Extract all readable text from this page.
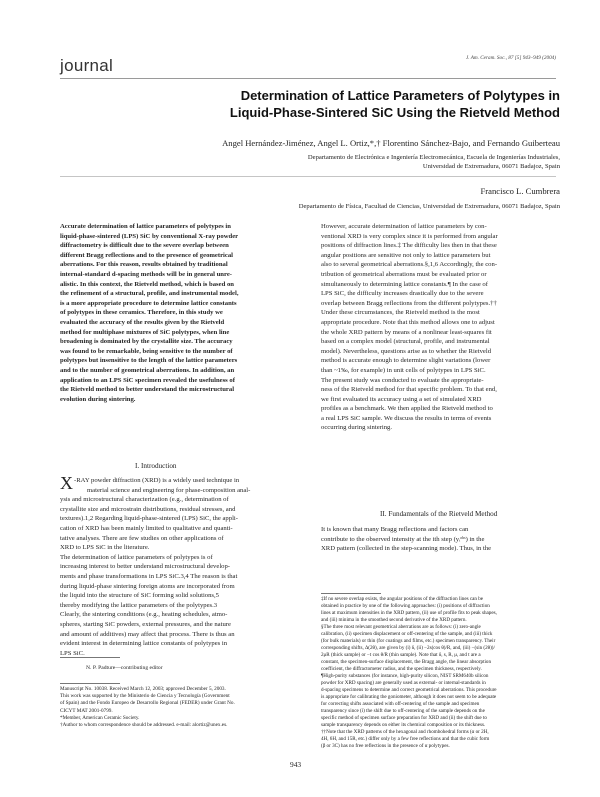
journal	J. Am. Ceram. Soc., 87 [5] 943–949 (2004)
Determination of Lattice Parameters of Polytypes in
Liquid-Phase-Sintered SiC Using the Rietveld Method
Angel Hernández-Jiménez, Angel L. Ortiz,*,† Florentino Sánchez-Bajo, and Fernando Guiberteau
Departamento de Electrónica e Ingeniería Electromecánica, Escuela de Ingenierías Industriales,
Universidad de Extremadura, 06071 Badajoz, Spain
Francisco L. Cumbrera
Departamento de Física, Facultad de Ciencias, Universidad de Extremadura, 06071 Badajoz, Spain
Accurate determination of lattice parameters of polytypes in
liquid-phase-sintered (LPS) SiC by conventional X-ray powder
diffractometry is difficult due to the severe overlap between
different Bragg reflections and to the presence of geometrical
aberrations. For this reason, results obtained by traditional
internal-standard d-spacing methods will be in general unre-
alistic. In this context, the Rietveld method, which is based on
the refinement of a structural, profile, and instrumental model,
is a more appropriate procedure to determine lattice constants
of polytypes in these ceramics. Therefore, in this study we
evaluated the accuracy of the results given by the Rietveld
method for multiphase mixtures of SiC polytypes, when line
broadening is dominated by the crystallite size. The accuracy
was found to be remarkable, being sensitive to the number of
polytypes but insensitive to the length of the lattice parameters
and to the number of geometrical aberrations. In addition, an
application to an LPS SiC specimen revealed the usefulness of
the Rietveld method to better understand the microstructural
evolution during sintering.
I. Introduction
X -RAY powder diffraction (XRD) is a widely used technique in
material science and engineering for phase-composition anal-
ysis and microstructural characterization (e.g., determination of
crystallite size and microstrain distributions, residual stresses, and
textures).1,2 Regarding liquid-phase-sintered (LPS) SiC, the appli-
cation of XRD has been mainly limited to qualitative and quanti-
tative analyses. There are few studies on other applications of
XRD to LPS SiC in the literature.
The determination of lattice parameters of polytypes is of
increasing interest to better understand microstructural develop-
ments and phase transformations in LPS SiC.3,4 The reason is that
during liquid-phase sintering foreign atoms are incorporated from
the liquid into the structure of SiC forming solid solutions,5
thereby modifying the lattice parameters of the polytypes.3
Clearly, the sintering conditions (e.g., heating schedules, atmo-
spheres, starting SiC powders, external pressures, and the nature
and amount of additives) may affect that process. There is thus an
evident interest in determining lattice constants of polytypes in
LPS SiC.
However, accurate determination of lattice parameters by con-
ventional XRD is very complex since it is performed from angular
positions of diffraction lines.‡ The difficulty lies then in that these
angular positions are sensitive not only to lattice parameters but
also to several geometrical aberrations.§,1,6 Accordingly, the con-
tribution of geometrical aberrations must be evaluated prior or
simultaneously to determining lattice constants.¶ In the case of
LPS SiC, the difficulty increases drastically due to the severe
overlap between Bragg reflections from the different polytypes.††
Under these circumstances, the Rietveld method is the most
appropriate procedure. Note that this method allows one to adjust
the whole XRD pattern by means of a nonlinear least-squares fit
based on a complex model (structural, profile, and instrumental
model). Nevertheless, questions arise as to whether the Rietveld
method is accurate enough to determine slight variations (lower
than ~1‰, for example) in unit cells of polytypes in LPS SiC.
The present study was conducted to evaluate the appropriate-
ness of the Rietveld method for that specific problem. To that end,
we first evaluated its accuracy using a set of simulated XRD
profiles as a benchmark. We then applied the Rietveld method to
a real LPS SiC sample. We discuss the results in terms of events
occurring during sintering.
II. Fundamentals of the Rietveld Method
It is known that many Bragg reflections and factors can
contribute to the observed intensity at the ith step (yᵢᵒᵇˢ) in the
XRD pattern (collected in the step-scanning mode). Thus, in the
‡If no severe overlap exists, the angular positions of the diffraction lines can be
obtained in practice by one of the following approaches: (i) positions of diffraction
lines at maximum intensities in the XRD pattern, (ii) use of profile fits to peak shapes,
and (iii) minima in the smoothed second derivative of the XRD pattern.
§The three most relevant geometrical aberrations are as follows: (i) zero-angle
calibration, (ii) specimen displacement or off-centering of the sample, and (iii) thick
(for bulk materials) or thin (for coatings and films, etc.) specimen transparency. Their
corresponding shifts, Δ(2θ), are given by (i) δ, (ii) −2s(cos θ)/R, and, (iii) −(sin (2θ))/
2μR (thick sample) or −t cos θ/R (thin sample). Note that δ, s, R, μ, and t are a
constant, the specimen-surface displacement, the Bragg angle, the linear absorption
coefficient, the diffractometer radius, and the specimen thickness, respectively.
¶High-purity substances (for instance, high-purity silicon, NIST SRM640b silicon
powder for XRD spacing) are generally used as external- or internal-standards in
d-spacing specimens to determine and correct geometrical aberrations. This procedure
is appropriate for calibrating the goniometer, although it does not seem to be adequate
for correcting shifts associated with off-centering of the sample and specimen
transparency since (i) the shift due to off-centering of the sample depends on the
specific method of specimen surface preparation for XRD and (ii) the shift due to
sample transparency depends on either its chemical composition or its thickness.
††Note that the XRD patterns of the hexagonal and rhombohedral forms (α or 2H,
4H, 6H, and 15R, etc.) differ only by a few free reflections and that the cubic form
(β or 3C) has no free reflections in the presence of α polytypes.
N. P. Padture—contributing editor
Manuscript No. 10038. Received March 12, 2003; approved December 5, 2003.
This work was supported by the Ministerio de Ciencia y Tecnología (Government
of Spain) and the Fondo Europeo de Desarrollo Regional (FEDER) under Grant No.
CICYT MAT 2001-0799.
*Member, American Ceramic Society.
†Author to whom correspondence should be addressed. e-mail: alortiz@unex.es.
943
